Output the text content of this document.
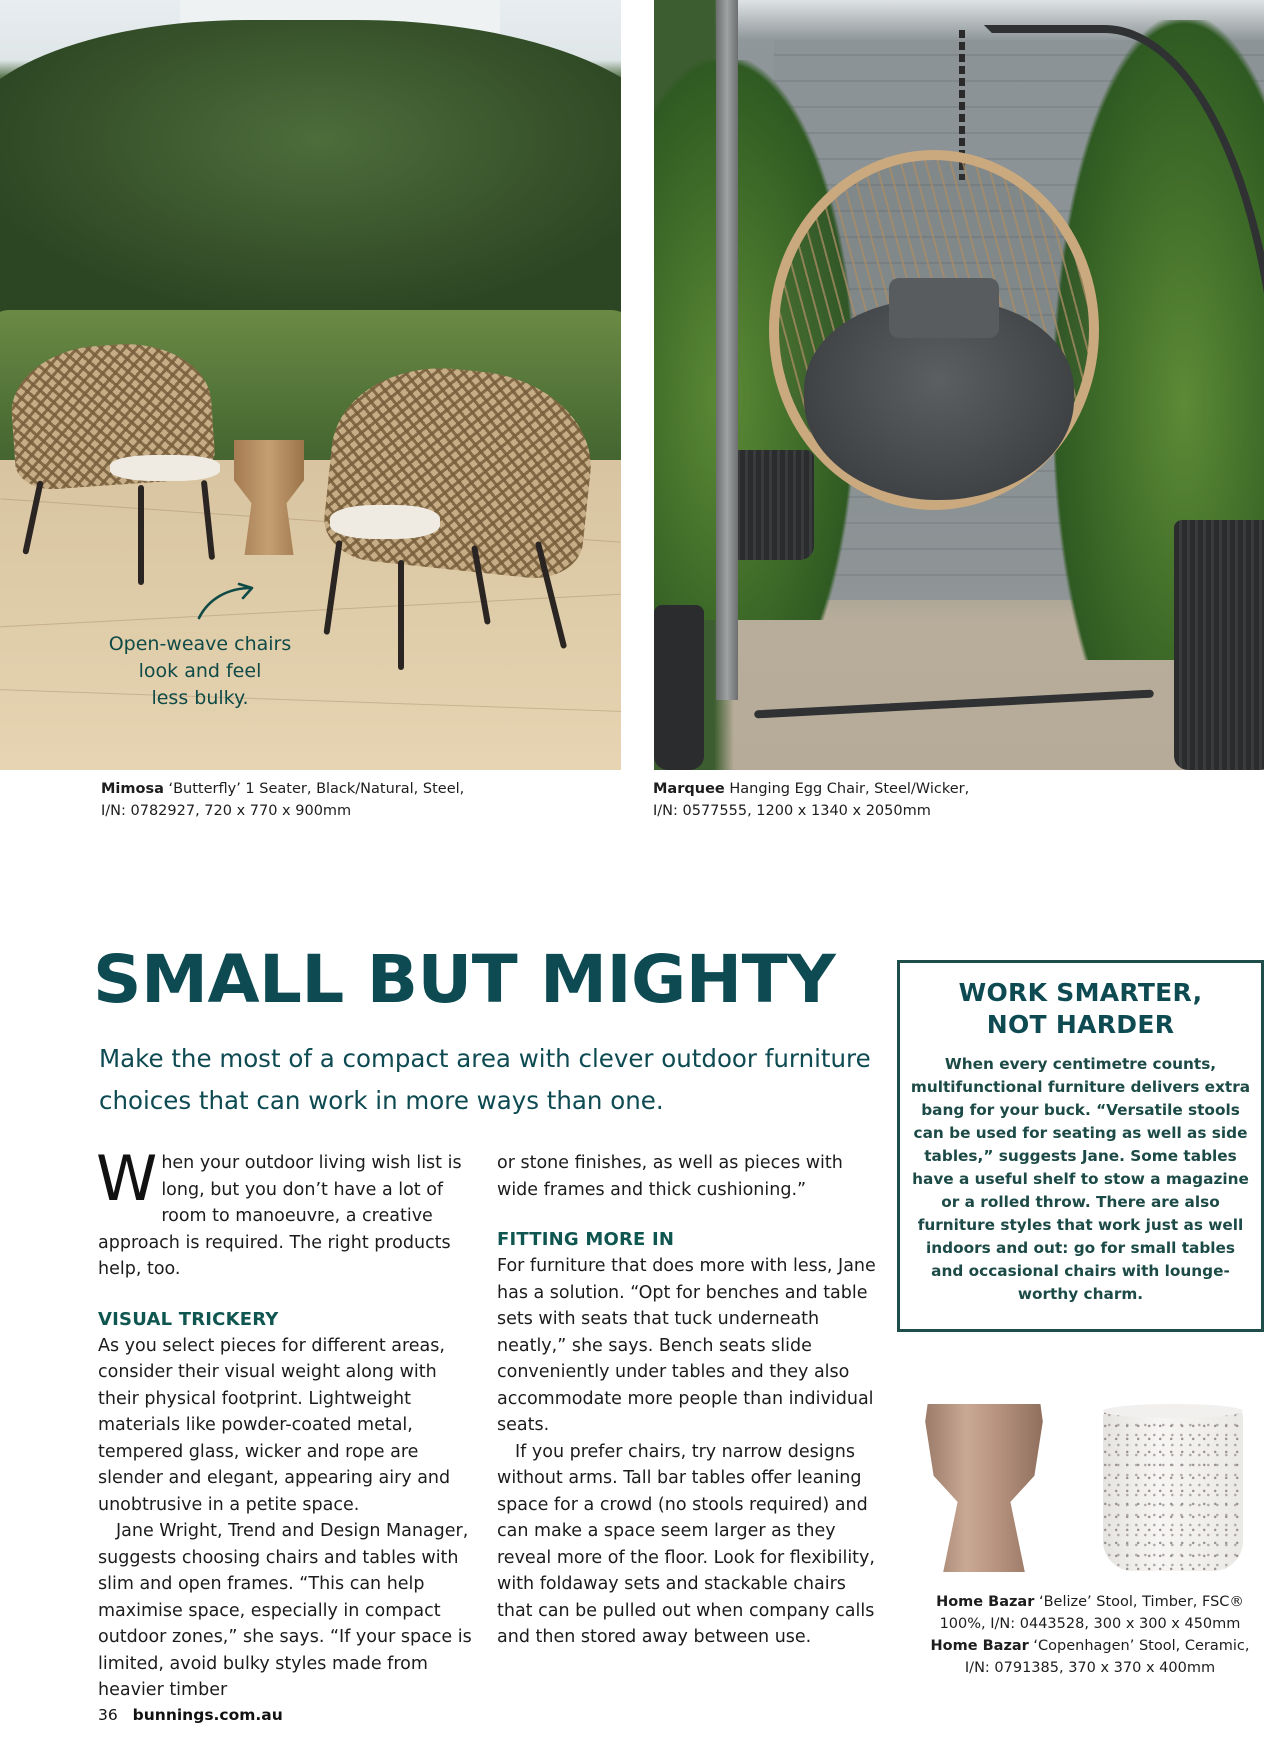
Open-weave chairs
look and feel
less bulky.
Mimosa ‘Butterfly’ 1 Seater, Black/Natural, Steel,
I/N: 0782927, 720 x 770 x 900mm
Marquee Hanging Egg Chair, Steel/Wicker,
I/N: 0577555, 1200 x 1340 x 2050mm
SMALL BUT MIGHTY

Make the most of a compact area with clever outdoor furniture choices that can work in more ways than one.

When your outdoor living wish list is long, but you don’t have a lot of room to manoeuvre, a creative approach is required. The right products help, too.

VISUAL TRICKERY

As you select pieces for different areas, consider their visual weight along with their physical footprint. Lightweight materials like powder-coated metal, tempered glass, wicker and rope are slender and elegant, appearing airy and unobtrusive in a petite space.

Jane Wright, Trend and Design Manager, suggests choosing chairs and tables with slim and open frames. “This can help maximise space, especially in compact outdoor zones,” she says. “If your space is limited, avoid bulky styles made from heavier timber

or stone finishes, as well as pieces with wide frames and thick cushioning.”

FITTING MORE IN

For furniture that does more with less, Jane has a solution. “Opt for benches and table sets with seats that tuck underneath neatly,” she says. Bench seats slide conveniently under tables and they also accommodate more people than individual seats.

If you prefer chairs, try narrow designs without arms. Tall bar tables offer leaning space for a crowd (no stools required) and can make a space seem larger as they reveal more of the floor. Look for flexibility, with foldaway sets and stackable chairs that can be pulled out when company calls and then stored away between use.

WORK SMARTER,
NOT HARDER

When every centimetre counts, multifunctional furniture delivers extra bang for your buck. “Versatile stools can be used for seating as well as side tables,” suggests Jane. Some tables have a useful shelf to stow a magazine or a rolled throw. There are also furniture styles that work just as well indoors and out: go for small tables and occasional chairs with lounge-worthy charm.

Home Bazar ‘Belize’ Stool, Timber, FSC®
100%, I/N: 0443528, 300 x 300 x 450mm
Home Bazar ‘Copenhagen’ Stool, Ceramic,
I/N: 0791385, 370 x 370 x 400mm
36 bunnings.com.au
